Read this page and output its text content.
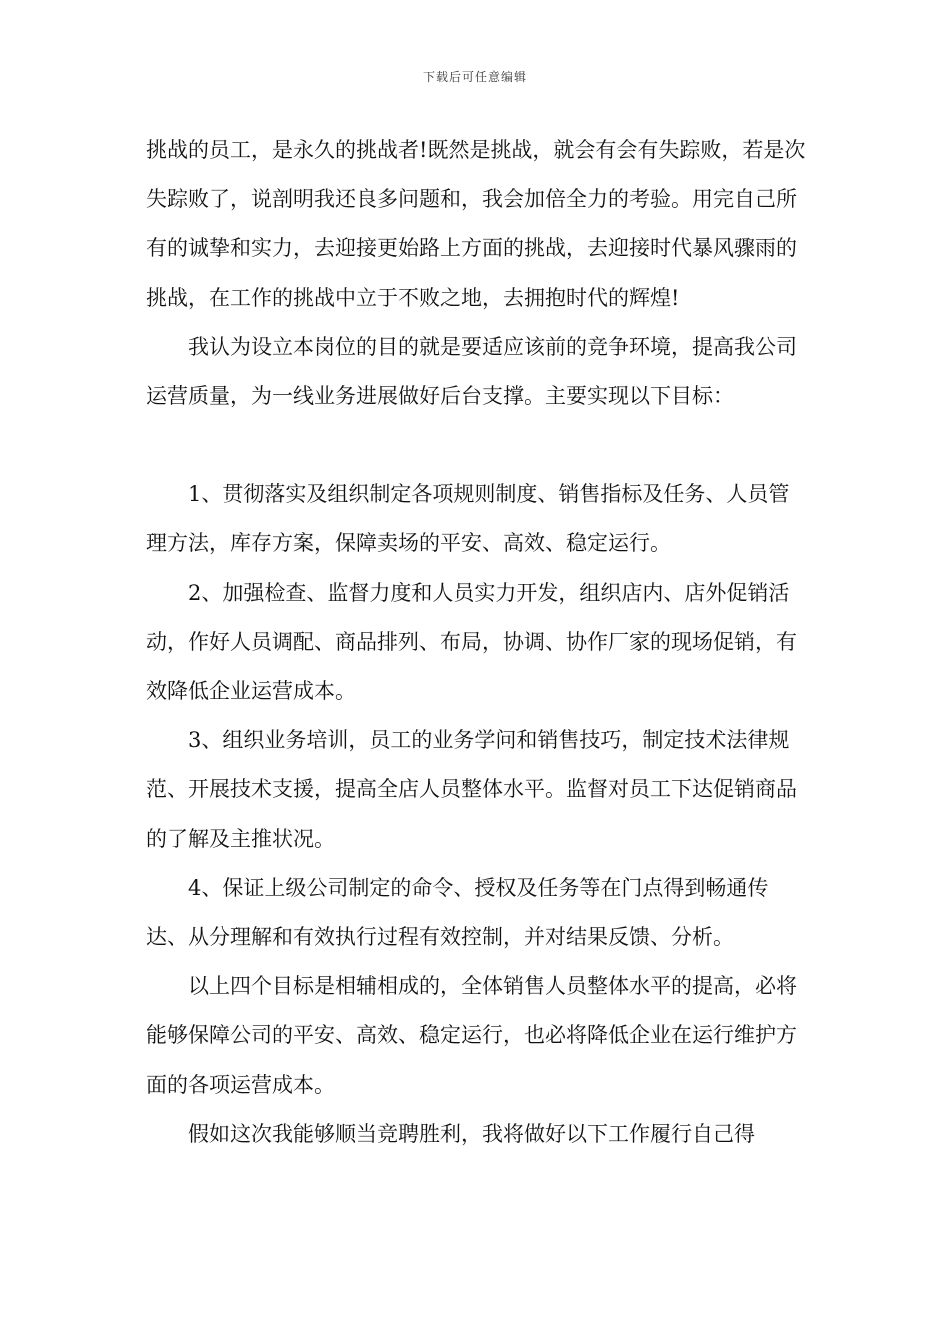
下载后可任意编辑

挑战的员工，是永久的挑战者!既然是挑战，就会有会有失踪败，若是次失踪败了，说剖明我还良多问题和，我会加倍全力的考验。用完自己所有的诚挚和实力，去迎接更始路上方面的挑战，去迎接时代暴风骤雨的挑战，在工作的挑战中立于不败之地，去拥抱时代的辉煌!

我认为设立本岗位的目的就是要适应该前的竞争环境，提高我公司运营质量，为一线业务进展做好后台支撑。主要实现以下目标：

1、贯彻落实及组织制定各项规则制度、销售指标及任务、人员管理方法，库存方案，保障卖场的平安、高效、稳定运行。

2、加强检查、监督力度和人员实力开发，组织店内、店外促销活动，作好人员调配、商品排列、布局，协调、协作厂家的现场促销，有效降低企业运营成本。

3、组织业务培训，员工的业务学问和销售技巧，制定技术法律规范、开展技术支援，提高全店人员整体水平。监督对员工下达促销商品的了解及主推状况。

4、保证上级公司制定的命令、授权及任务等在门点得到畅通传达、从分理解和有效执行过程有效控制，并对结果反馈、分析。

以上四个目标是相辅相成的，全体销售人员整体水平的提高，必将能够保障公司的平安、高效、稳定运行，也必将降低企业在运行维护方面的各项运营成本。

假如这次我能够顺当竞聘胜利，我将做好以下工作履行自己得
